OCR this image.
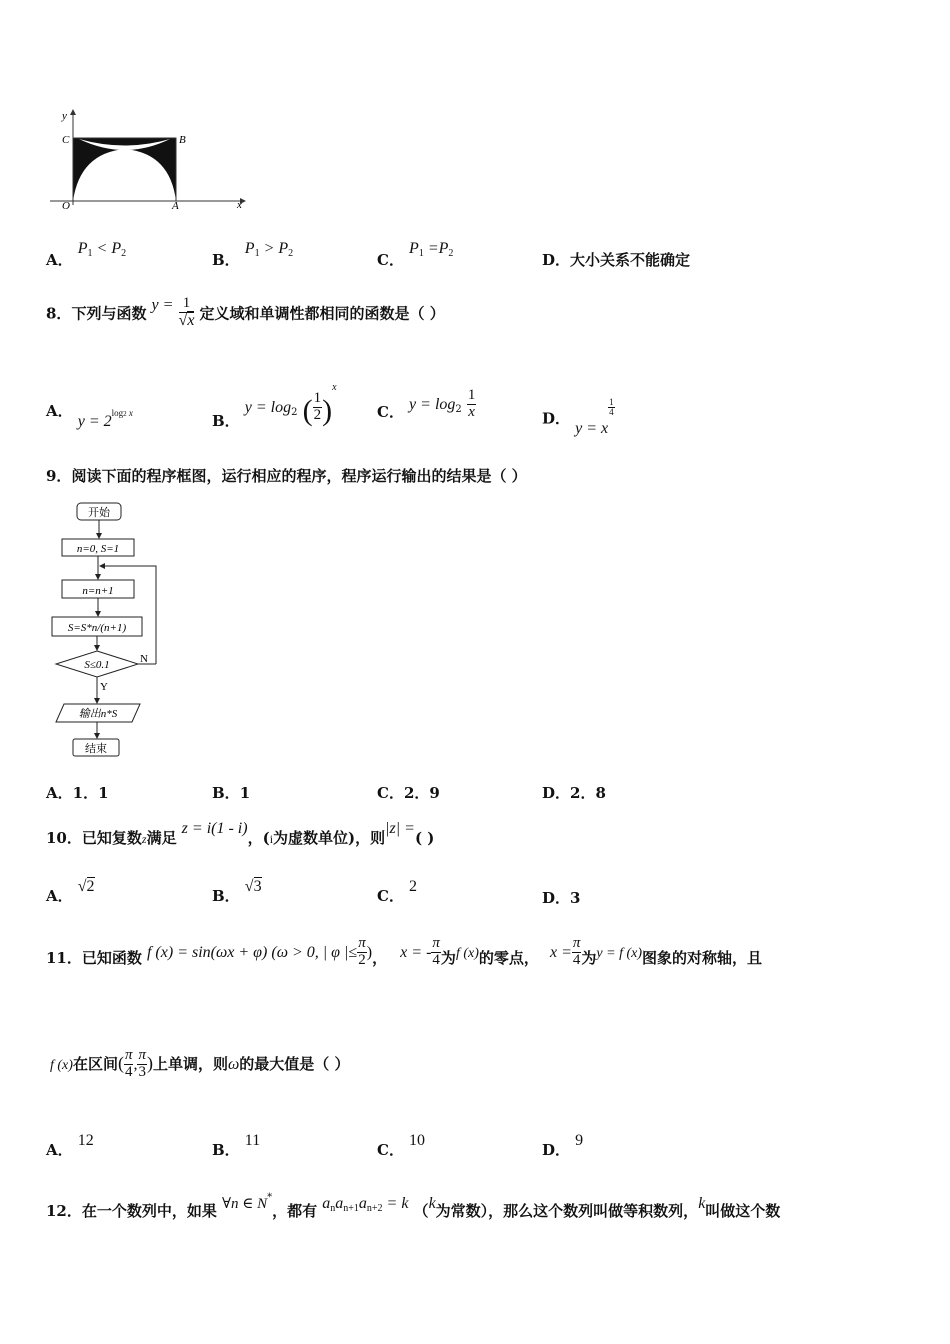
y
C	B
O	A	x
A． $P_1 < P_2$	B． $P_1 > P_2$	C． $P_1 =P_2$	D．大小关系不能确定
8．下列与函数 $y = \frac{1}{√x}$ 定义域和单调性都相同的函数是（ ）
A． y = 2log2 x	B． $y = \log_2$ ( $\frac{1}{2} )^x$
C． $y = \log_2 \frac{1}{x}$	D． y = x
$\frac{1}{4}$
9．阅读下面的程序框图，运行相应的程序，程序运行输出的结果是（ ）
开始
n=0, S=1
n=n+1
S=S*n/(n+1)
S≤0.1	N
Y
输出n*S
结束
A．1．1	B．1	C．2．9	D．2．8
10．已知复数$_z$满足 z = i(1 - i)，($_i$为虚数单位)，则|z| =( )
A． √2
B． √3
C． 2
D．3
11．已知函数 f (x) = sin(ωx + φ) (ω > 0, | φ |≤ $\frac{\pi}{2}$ )， x = - $\frac{\pi}{4}$ 为f (x)的零点， $x = \frac{\pi}{4}$ 为y = f (x)图象的对称轴，且
f (x)在区间( $\frac{\pi}{4}$ , $\frac{\pi}{3}$ )上单调，则ω的最大值是（ ）
A． 12
B． 11
C． 10
D． 9
12．在一个数列中，如果 ∀n ∈ N*，都有 $a_na_{n+1}a_{n+2} = k$ （k为常数），那么这个数列叫做等积数列，k叫做这个数
